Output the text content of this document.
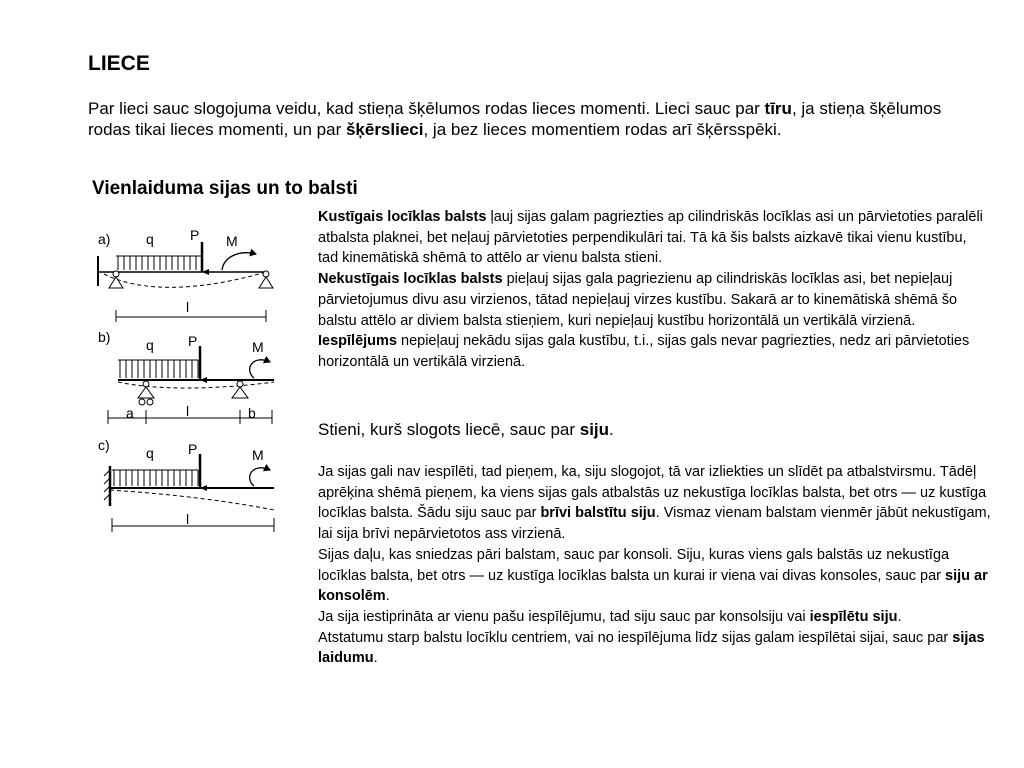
LIECE
Par lieci sauc slogojuma veidu, kad stieņa šķēlumos rodas lieces momenti. Lieci sauc par tīru, ja stieņa šķēlumos rodas tikai lieces momenti, un par šķērslieci, ja bez lieces momentiem rodas arī šķērsspēki.
Vienlaiduma sijas un to balsti
a)	q	P M
l
b)	q P	M
a	l	b
c)	q P	M
l

Kustīgais locīklas balsts ļauj sijas galam pagriezties ap cilindriskās locīklas asi un pārvietoties paralēli atbalsta plaknei, bet neļauj pārvietoties perpendikulāri tai. Tā kā šis balsts aizkavē tikai vienu kustību, tad kinemātiskā shēmā to attēlo ar vienu balsta stieni.

Nekustīgais locīklas balsts pieļauj sijas gala pagriezienu ap cilindriskās locīklas asi, bet nepieļauj pārvietojumus divu asu virzienos, tātad nepieļauj virzes kustību. Sakarā ar to kinemātiskā shēmā šo balstu attēlo ar diviem balsta stieņiem, kuri nepieļauj kustību horizontālā un vertikālā virzienā.

Iespīlējums nepieļauj nekādu sijas gala kustību, t.i., sijas gals nevar pagriezties, nedz ari pārvietoties horizontālā un vertikālā virzienā.

Stieni, kurš slogots liecē, sauc par siju.

Ja sijas gali nav iespīlēti, tad pieņem, ka, siju slogojot, tā var izliekties un slīdēt pa atbalstvirsmu. Tādēļ aprēķina shēmā pieņem, ka viens sijas gals atbalstās uz nekustīga locīklas balsta, bet otrs — uz kustīga locīklas balsta. Šādu siju sauc par brīvi balstītu siju. Vismaz vienam balstam vienmēr jābūt nekustīgam, lai sija brīvi nepārvietotos ass virzienā.

Sijas daļu, kas sniedzas pāri balstam, sauc par konsoli. Siju, kuras viens gals balstās uz nekustīga locīklas balsta, bet otrs — uz kustīga locīklas balsta un kurai ir viena vai divas konsoles, sauc par siju ar konsolēm.

Ja sija iestiprināta ar vienu pašu iespīlējumu, tad siju sauc par konsolsiju vai iespīlētu siju.

Atstatumu starp balstu locīklu centriem, vai no iespīlējuma līdz sijas galam iespīlētai sijai, sauc par sijas laidumu.
